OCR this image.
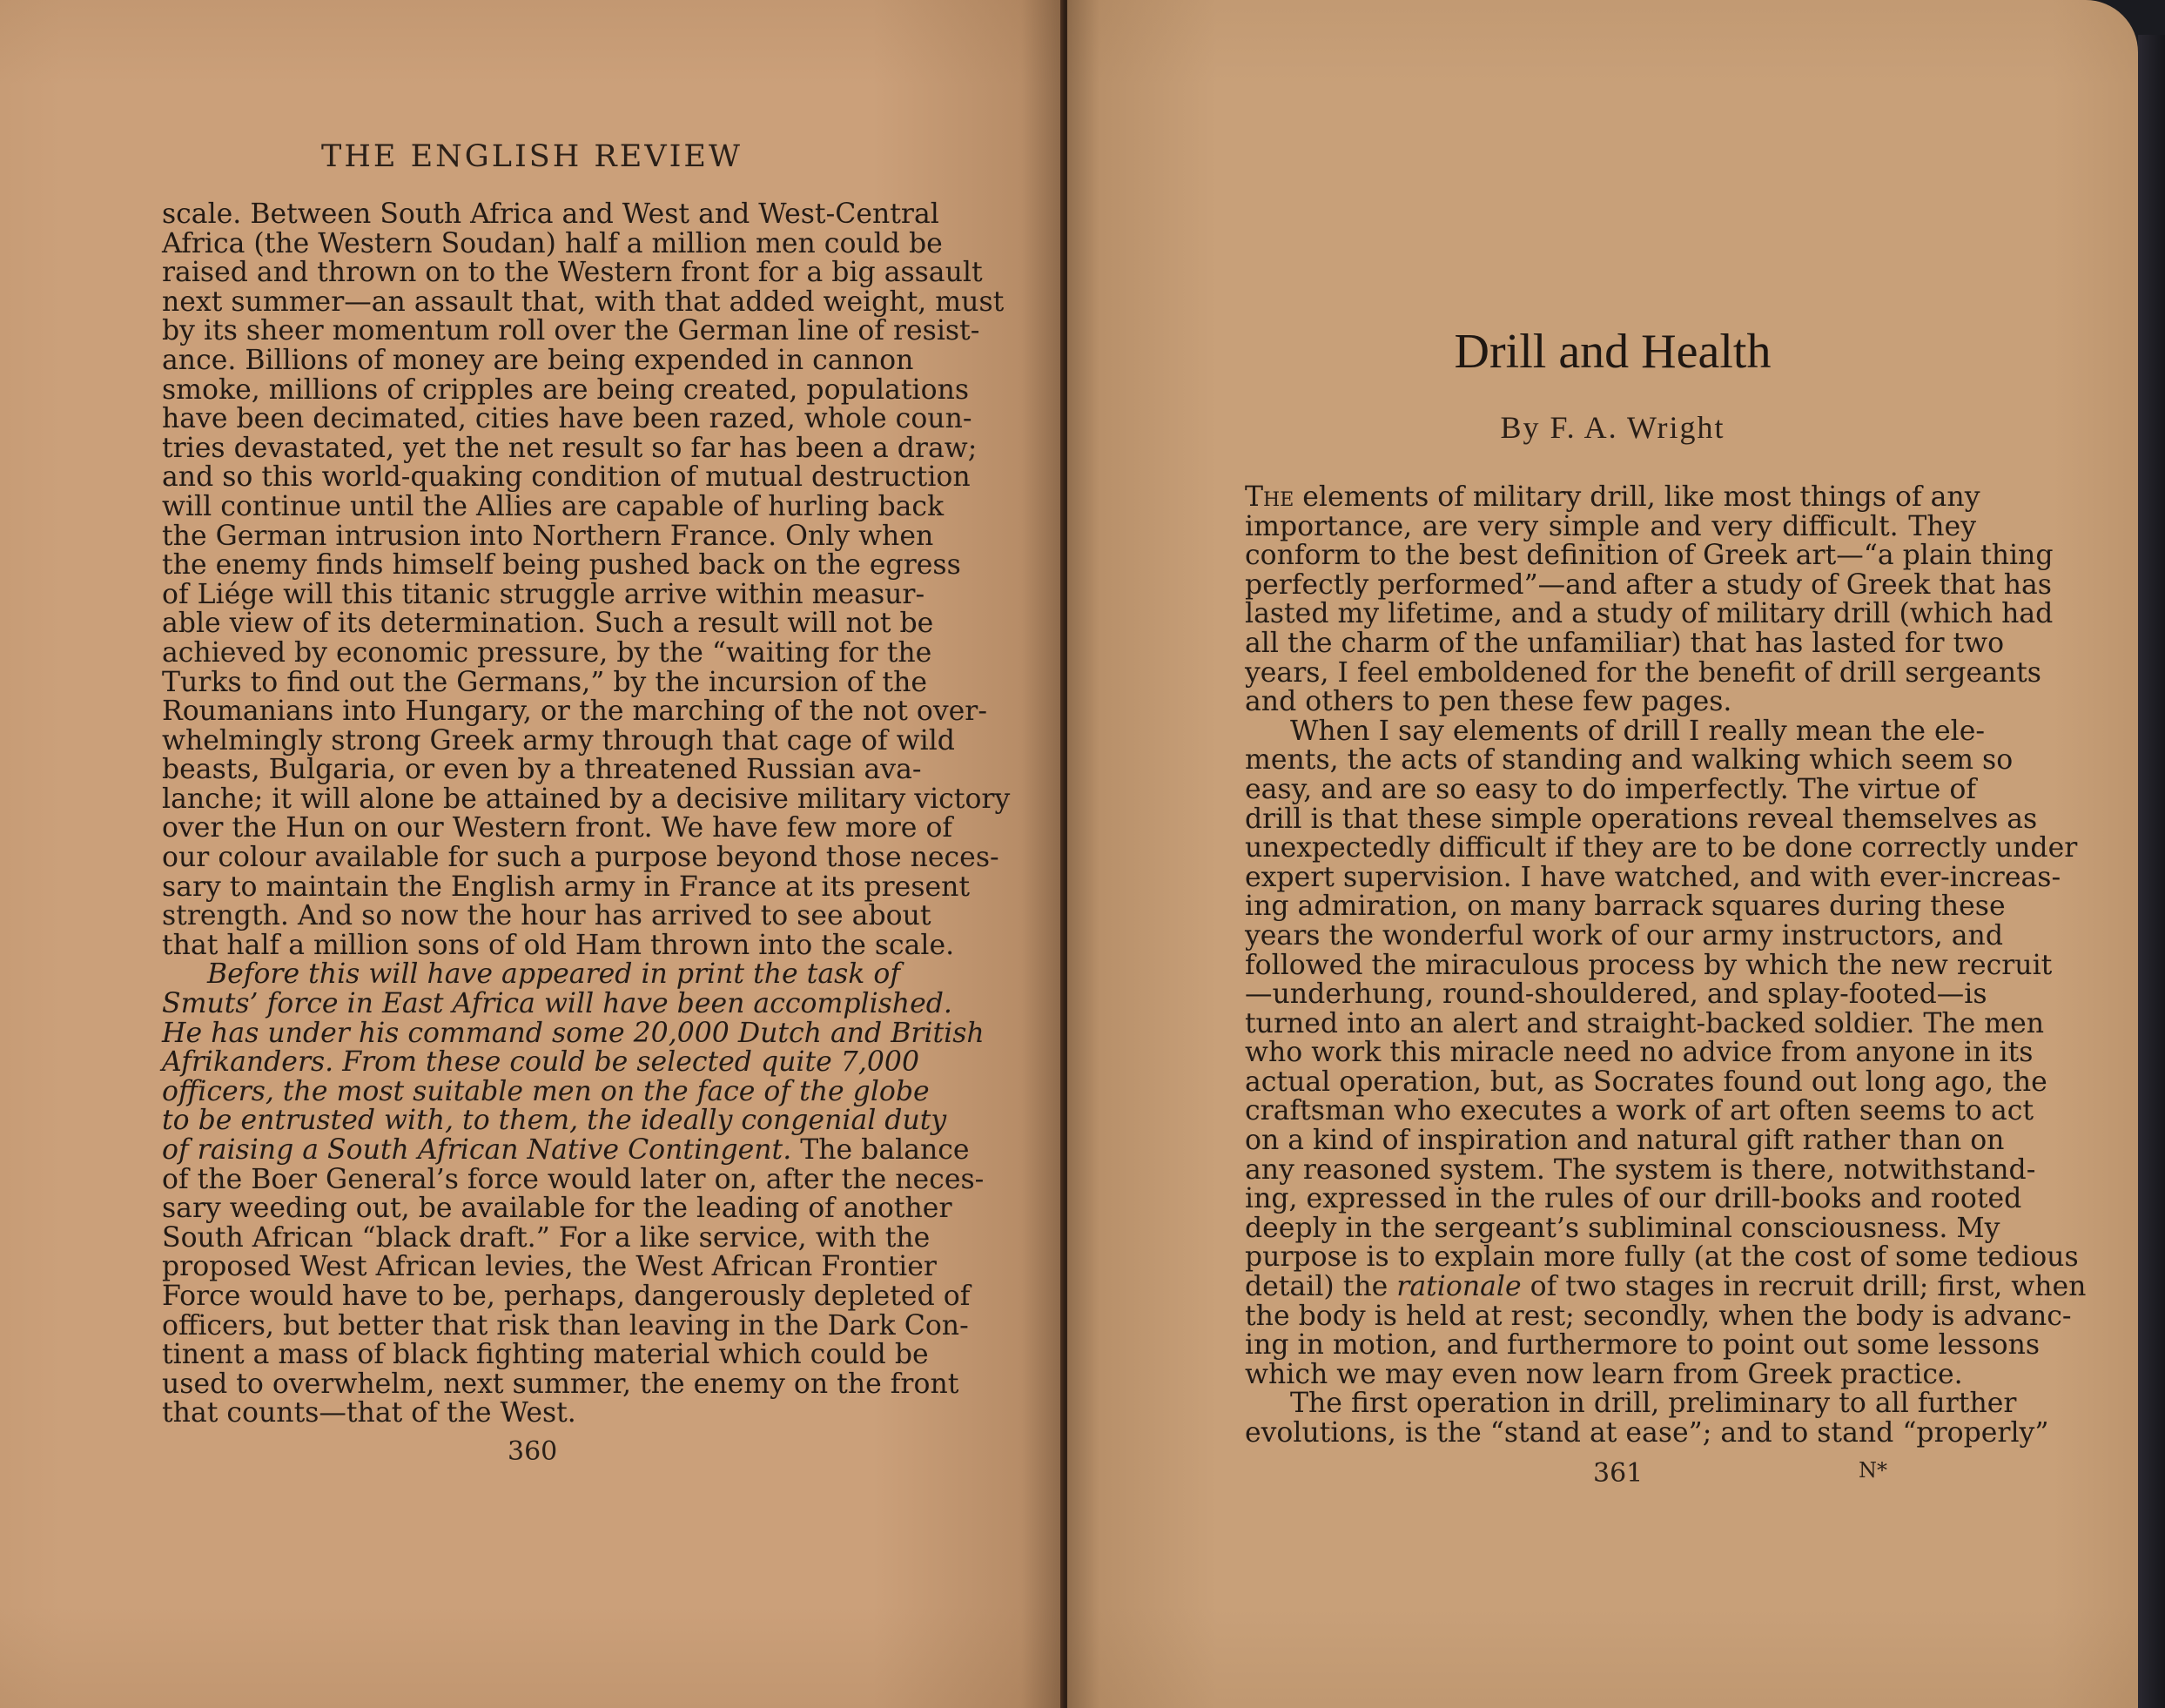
THE ENGLISH REVIEW
scale. Between South Africa and West and West-Central
Africa (the Western Soudan) half a million men could be
raised and thrown on to the Western front for a big assault
next summer—an assault that, with that added weight, must
by its sheer momentum roll over the German line of resist-
ance. Billions of money are being expended in cannon
smoke, millions of cripples are being created, populations
have been decimated, cities have been razed, whole coun-
tries devastated, yet the net result so far has been a draw;
and so this world-quaking condition of mutual destruction
will continue until the Allies are capable of hurling back
the German intrusion into Northern France. Only when
the enemy finds himself being pushed back on the egress
of Liége will this titanic struggle arrive within measur-
able view of its determination. Such a result will not be
achieved by economic pressure, by the “waiting for the
Turks to find out the Germans,” by the incursion of the
Roumanians into Hungary, or the marching of the not over-
whelmingly strong Greek army through that cage of wild
beasts, Bulgaria, or even by a threatened Russian ava-
lanche; it will alone be attained by a decisive military victory
over the Hun on our Western front. We have few more of
our colour available for such a purpose beyond those neces-
sary to maintain the English army in France at its present
strength. And so now the hour has arrived to see about
that half a million sons of old Ham thrown into the scale.
Before this will have appeared in print the task of
Smuts’ force in East Africa will have been accomplished.
He has under his command some 20,000 Dutch and British
Afrikanders. From these could be selected quite 7,000
officers, the most suitable men on the face of the globe
to be entrusted with, to them, the ideally congenial duty
of raising a South African Native Contingent. The balance
of the Boer General’s force would later on, after the neces-
sary weeding out, be available for the leading of another
South African “black draft.” For a like service, with the
proposed West African levies, the West African Frontier
Force would have to be, perhaps, dangerously depleted of
officers, but better that risk than leaving in the Dark Con-
tinent a mass of black fighting material which could be
used to overwhelm, next summer, the enemy on the front
that counts—that of the West.
360
Drill and Health
By F. A. Wright
The elements of military drill, like most things of any
importance, are very simple and very difficult. They
conform to the best definition of Greek art—“a plain thing
perfectly performed”—and after a study of Greek that has
lasted my lifetime, and a study of military drill (which had
all the charm of the unfamiliar) that has lasted for two
years, I feel emboldened for the benefit of drill sergeants
and others to pen these few pages.
When I say elements of drill I really mean the ele-
ments, the acts of standing and walking which seem so
easy, and are so easy to do imperfectly. The virtue of
drill is that these simple operations reveal themselves as
unexpectedly difficult if they are to be done correctly under
expert supervision. I have watched, and with ever-increas-
ing admiration, on many barrack squares during these
years the wonderful work of our army instructors, and
followed the miraculous process by which the new recruit
—underhung, round-shouldered, and splay-footed—is
turned into an alert and straight-backed soldier. The men
who work this miracle need no advice from anyone in its
actual operation, but, as Socrates found out long ago, the
craftsman who executes a work of art often seems to act
on a kind of inspiration and natural gift rather than on
any reasoned system. The system is there, notwithstand-
ing, expressed in the rules of our drill-books and rooted
deeply in the sergeant’s subliminal consciousness. My
purpose is to explain more fully (at the cost of some tedious
detail) the rationale of two stages in recruit drill; first, when
the body is held at rest; secondly, when the body is advanc-
ing in motion, and furthermore to point out some lessons
which we may even now learn from Greek practice.
The first operation in drill, preliminary to all further
evolutions, is the “stand at ease”; and to stand “properly”
361	N*
